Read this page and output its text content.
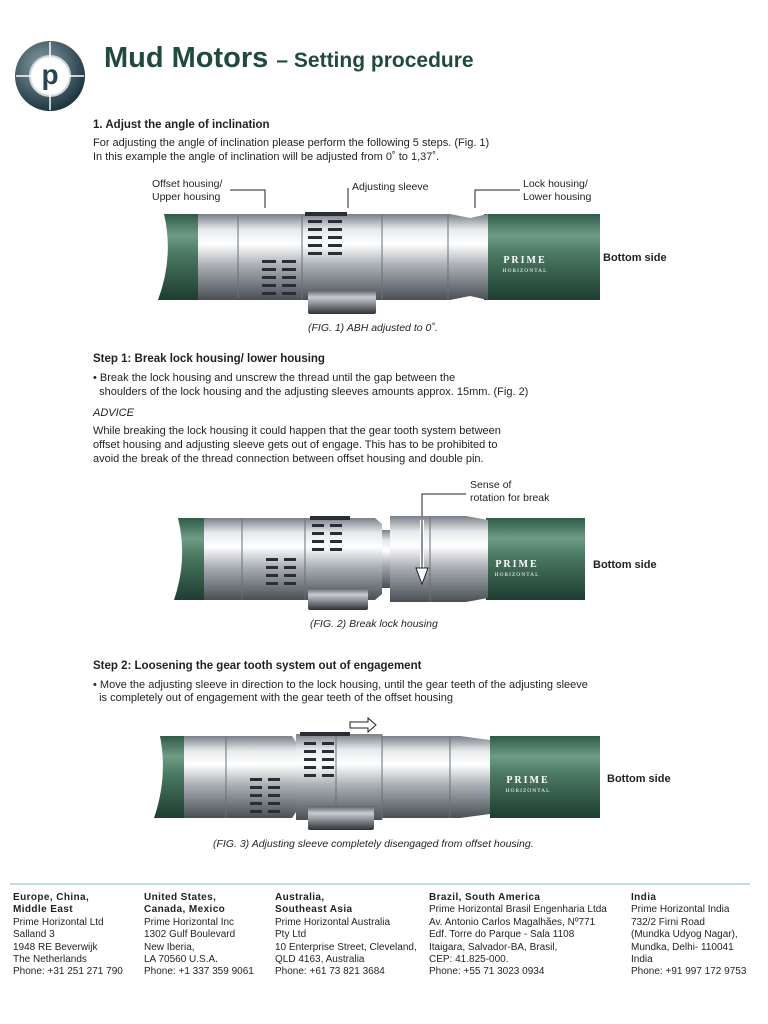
p
Mud Motors – Setting procedure
1. Adjust the angle of inclination
For adjusting the angle of inclination please perform the following 5 steps. (Fig. 1)
In this example the angle of inclination will be adjusted from 0˚ to 1,37˚.
Offset housing/
Upper housing
Adjusting sleeve	Lock housing/
Lower housing
PRIME
HORIZONTAL
Bottom side
(FIG. 1) ABH adjusted to 0˚.
Step 1: Break lock housing/ lower housing
• Break the lock housing and unscrew the thread until the gap between the
shoulders of the lock housing and the adjusting sleeves amounts approx. 15mm. (Fig. 2)
ADVICE
While breaking the lock housing it could happen that the gear tooth system between
offset housing and adjusting sleeve gets out of engage. This has to be prohibited to
avoid the break of the thread connection between offset housing and double pin.
Sense of
rotation for break
PRIME
HORIZONTAL
Bottom side
(FIG. 2) Break lock housing
Step 2: Loosening the gear tooth system out of engagement
• Move the adjusting sleeve in direction to the lock housing, until the gear teeth of the adjusting sleeve
is completely out of engagement with the gear teeth of the offset housing
PRIME
HORIZONTAL
Bottom side
(FIG. 3) Adjusting sleeve completely disengaged from offset housing.
Europe, China,
Middle East
Prime Horizontal Ltd
Salland 3
1948 RE Beverwijk
The Netherlands
Phone: +31 251 271 790
United States,
Canada, Mexico
Prime Horizontal Inc
1302 Gulf Boulevard
New Iberia,
LA 70560 U.S.A.
Phone: +1 337 359 9061
Australia,
Southeast Asia
Prime Horizontal Australia
Pty Ltd
10 Enterprise Street, Cleveland,
QLD 4163, Australia
Phone: +61 73 821 3684
Brazil, South America
Prime Horizontal Brasil Engenharia Ltda
Av. Antonio Carlos Magalhães, Nº771
Edf. Torre do Parque - Sala 1108
Itaigara, Salvador-BA, Brasil,
CEP: 41.825-000.
Phone: +55 71 3023 0934
India
Prime Horizontal India
732/2 Firni Road
(Mundka Udyog Nagar),
Mundka, Delhi- 110041
India
Phone: +91 997 172 9753
